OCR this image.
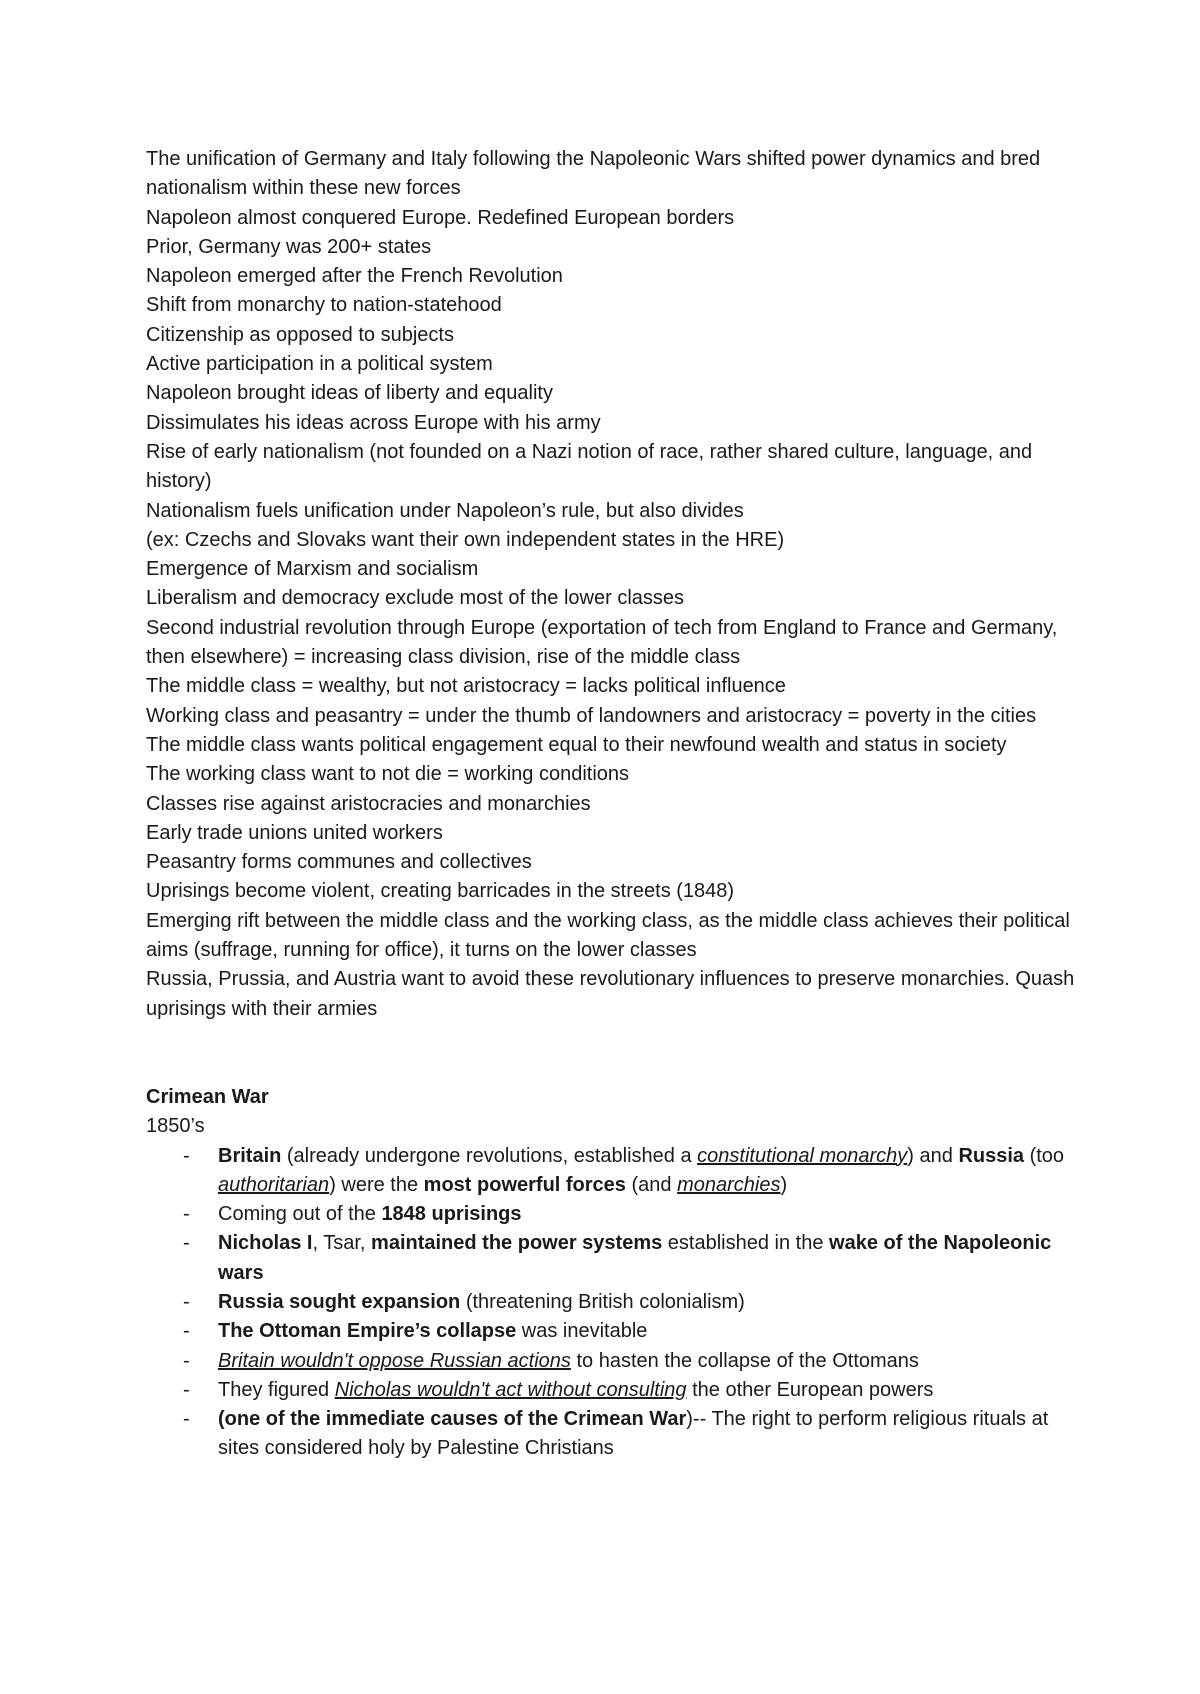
The unification of Germany and Italy following the Napoleonic Wars shifted power dynamics and bred nationalism within these new forces

Napoleon almost conquered Europe. Redefined European borders

Prior, Germany was 200+ states

Napoleon emerged after the French Revolution

Shift from monarchy to nation-statehood

Citizenship as opposed to subjects

Active participation in a political system

Napoleon brought ideas of liberty and equality

Dissimulates his ideas across Europe with his army

Rise of early nationalism (not founded on a Nazi notion of race, rather shared culture, language, and history)

Nationalism fuels unification under Napoleon’s rule, but also divides

(ex: Czechs and Slovaks want their own independent states in the HRE)

Emergence of Marxism and socialism

Liberalism and democracy exclude most of the lower classes

Second industrial revolution through Europe (exportation of tech from England to France and Germany, then elsewhere) = increasing class division, rise of the middle class

The middle class = wealthy, but not aristocracy = lacks political influence

Working class and peasantry = under the thumb of landowners and aristocracy = poverty in the cities

The middle class wants political engagement equal to their newfound wealth and status in society

The working class want to not die = working conditions

Classes rise against aristocracies and monarchies

Early trade unions united workers

Peasantry forms communes and collectives

Uprisings become violent, creating barricades in the streets (1848)

Emerging rift between the middle class and the working class, as the middle class achieves their political aims (suffrage, running for office), it turns on the lower classes

Russia, Prussia, and Austria want to avoid these revolutionary influences to preserve monarchies. Quash uprisings with their armies

Crimean War

1850’s

- Britain (already undergone revolutions, established a constitutional monarchy) and Russia (too authoritarian) were the most powerful forces (and monarchies)
- Coming out of the 1848 uprisings
- Nicholas I, Tsar, maintained the power systems established in the wake of the Napoleonic wars
- Russia sought expansion (threatening British colonialism)
- The Ottoman Empire’s collapse was inevitable
- Britain wouldn't oppose Russian actions to hasten the collapse of the Ottomans
- They figured Nicholas wouldn't act without consulting the other European powers
- (one of the immediate causes of the Crimean War)-- The right to perform religious rituals at sites considered holy by Palestine Christians
